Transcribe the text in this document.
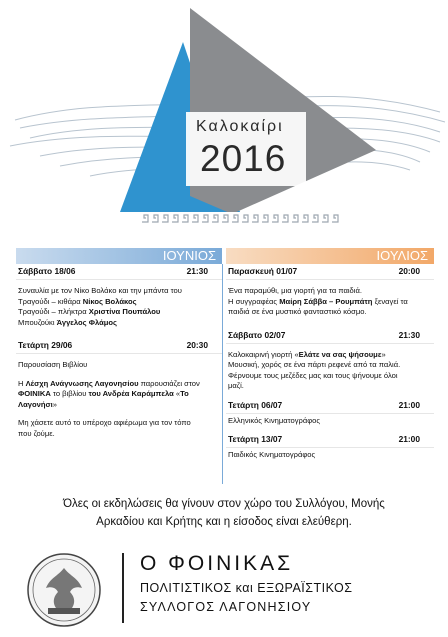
Καλοκαίρι
2016
ΙΟΥΝΙΟΣ	ΙΟΥΛΙΟΣ
Σάββατο 18/06	21:30
Συναυλία με τον Νίκο Βολάκο και την μπάντα του
Τραγούδι – κιθάρα Νίκος Βολάκος
Τραγούδι – πλήκτρα Χριστίνα Πουπάλου
Μπουζούκι Άγγελος Φλάμος
Τετάρτη 29/06	20:30
Παρουσίαση Βιβλίου
Η Λέσχη Ανάγνωσης Λαγονησίου παρουσιάζει στον
ΦΟΙΝΙΚΑ το βιβλίου του Ανδρέα Καράμπελα «Το
Λαγονήσι»
Μη χάσετε αυτό το υπέροχο αφιέρωμα για τον τόπο
που ζούμε.
Παρασκευή 01/07	20:00
Ένα παραμύθι, μια γιορτή για τα παιδιά.
Η συγγραφέας Μαίρη Σάββα – Ρουμπάτη ξεναγεί τα
παιδιά σε ένα μυστικό φανταστικό κόσμο.
Σάββατο 02/07	21:30
Καλοκαιρινή γιορτή «Ελάτε να σας ψήσουμε»
Μουσική, χορός σε ένα πάρτι ρεφενέ από τα παλιά.
Φέρνουμε τους μεζέδες μας και τους ψήνουμε όλοι
μαζί.
Τετάρτη 06/07	21:00
Ελληνικός Κινηματογράφος
Τετάρτη 13/07	21:00
Παιδικός Κινηματογράφος
Όλες οι εκδηλώσεις θα γίνουν στον χώρο του Συλλόγου, Μονής
Αρκαδίου και Κρήτης και η είσοδος είναι ελεύθερη.
Ο ΦΟΙΝΙΚΑΣ
ΠΟΛΙΤΙΣΤΙΚΟΣ και ΕΞΩΡΑΪΣΤΙΚΟΣ
ΣΥΛΛΟΓΟΣ ΛΑΓΟΝΗΣΙΟΥ
